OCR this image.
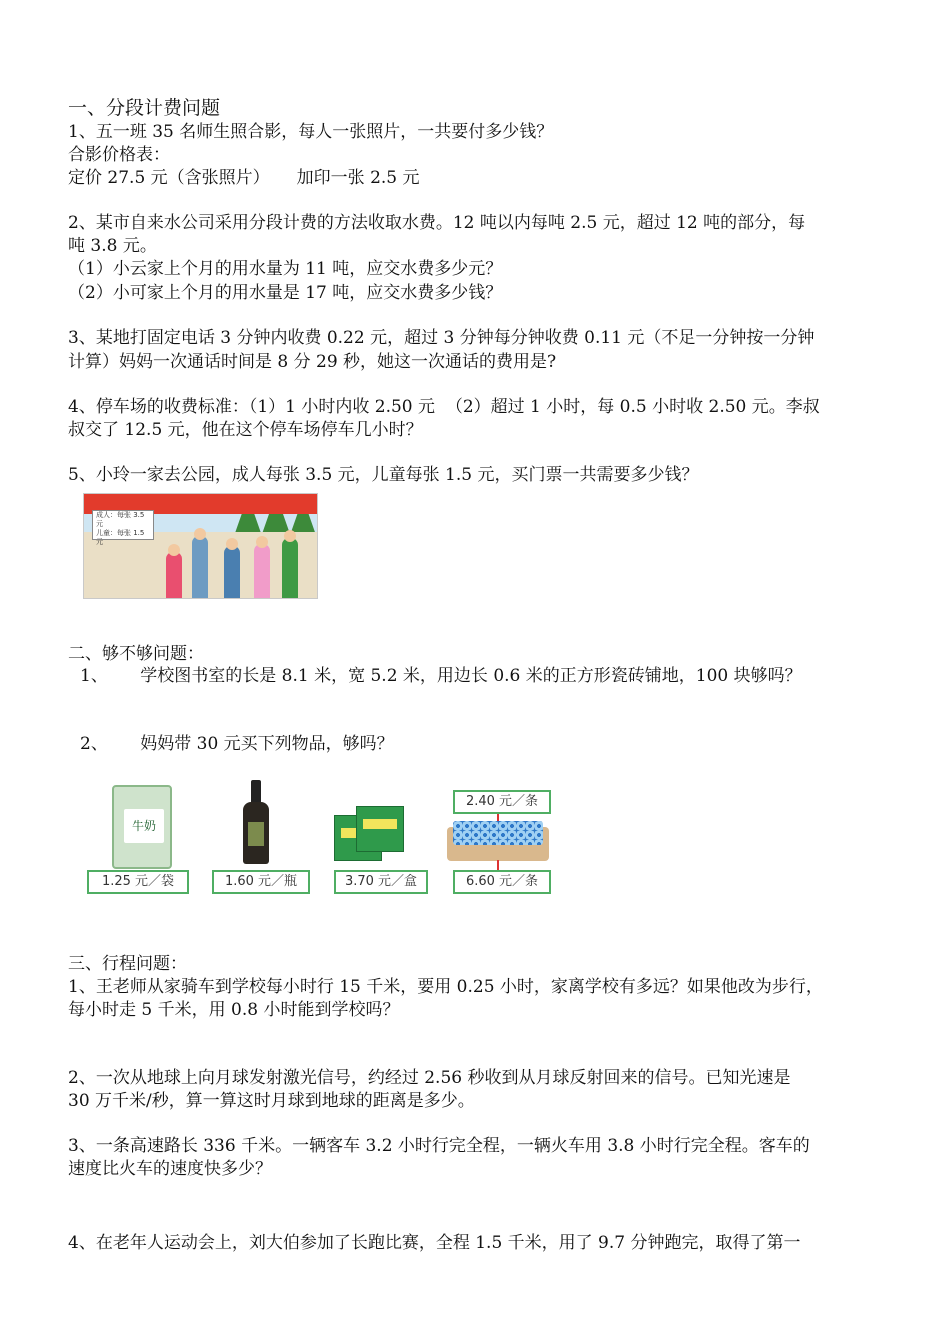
一、分段计费问题
1、五一班 35 名师生照合影，每人一张照片，一共要付多少钱？
合影价格表：
定价 27.5 元（含张照片）     加印一张 2.5 元
2、某市自来水公司采用分段计费的方法收取水费。12 吨以内每吨 2.5 元，超过 12 吨的部分，每
吨 3.8 元。
（1）小云家上个月的用水量为 11 吨，应交水费多少元？
（2）小可家上个月的用水量是 17 吨，应交水费多少钱？
3、某地打固定电话 3 分钟内收费 0.22 元，超过 3 分钟每分钟收费 0.11 元（不足一分钟按一分钟
计算）妈妈一次通话时间是 8 分 29 秒，她这一次通话的费用是?
4、停车场的收费标准：（1）1 小时内收 2.50 元  （2）超过 1 小时，每 0.5 小时收 2.50 元。李叔
叔交了 12.5 元，他在这个停车场停车几小时？
5、小玲一家去公园，成人每张 3.5 元，儿童每张 1.5 元，买门票一共需要多少钱？
成人：每张 3.5 元
儿童：每张 1.5 元
二、够不够问题：
1、      学校图书室的长是 8.1 米，宽 5.2 米，用边长 0.6 米的正方形瓷砖铺地，100 块够吗？
2、      妈妈带 30 元买下列物品，够吗？
牛奶
1.25 元／袋	1.60 元／瓶	3.70 元／盒
2.40 元／条
6.60 元／条
三、行程问题：
1、王老师从家骑车到学校每小时行 15 千米，要用 0.25 小时，家离学校有多远？如果他改为步行，
每小时走 5 千米，用 0.8 小时能到学校吗？
2、一次从地球上向月球发射激光信号，约经过 2.56 秒收到从月球反射回来的信号。已知光速是
30 万千米/秒，算一算这时月球到地球的距离是多少。
3、一条高速路长 336 千米。一辆客车 3.2 小时行完全程，一辆火车用 3.8 小时行完全程。客车的
速度比火车的速度快多少？
4、在老年人运动会上，刘大伯参加了长跑比赛，全程 1.5 千米，用了 9.7 分钟跑完，取得了第一
